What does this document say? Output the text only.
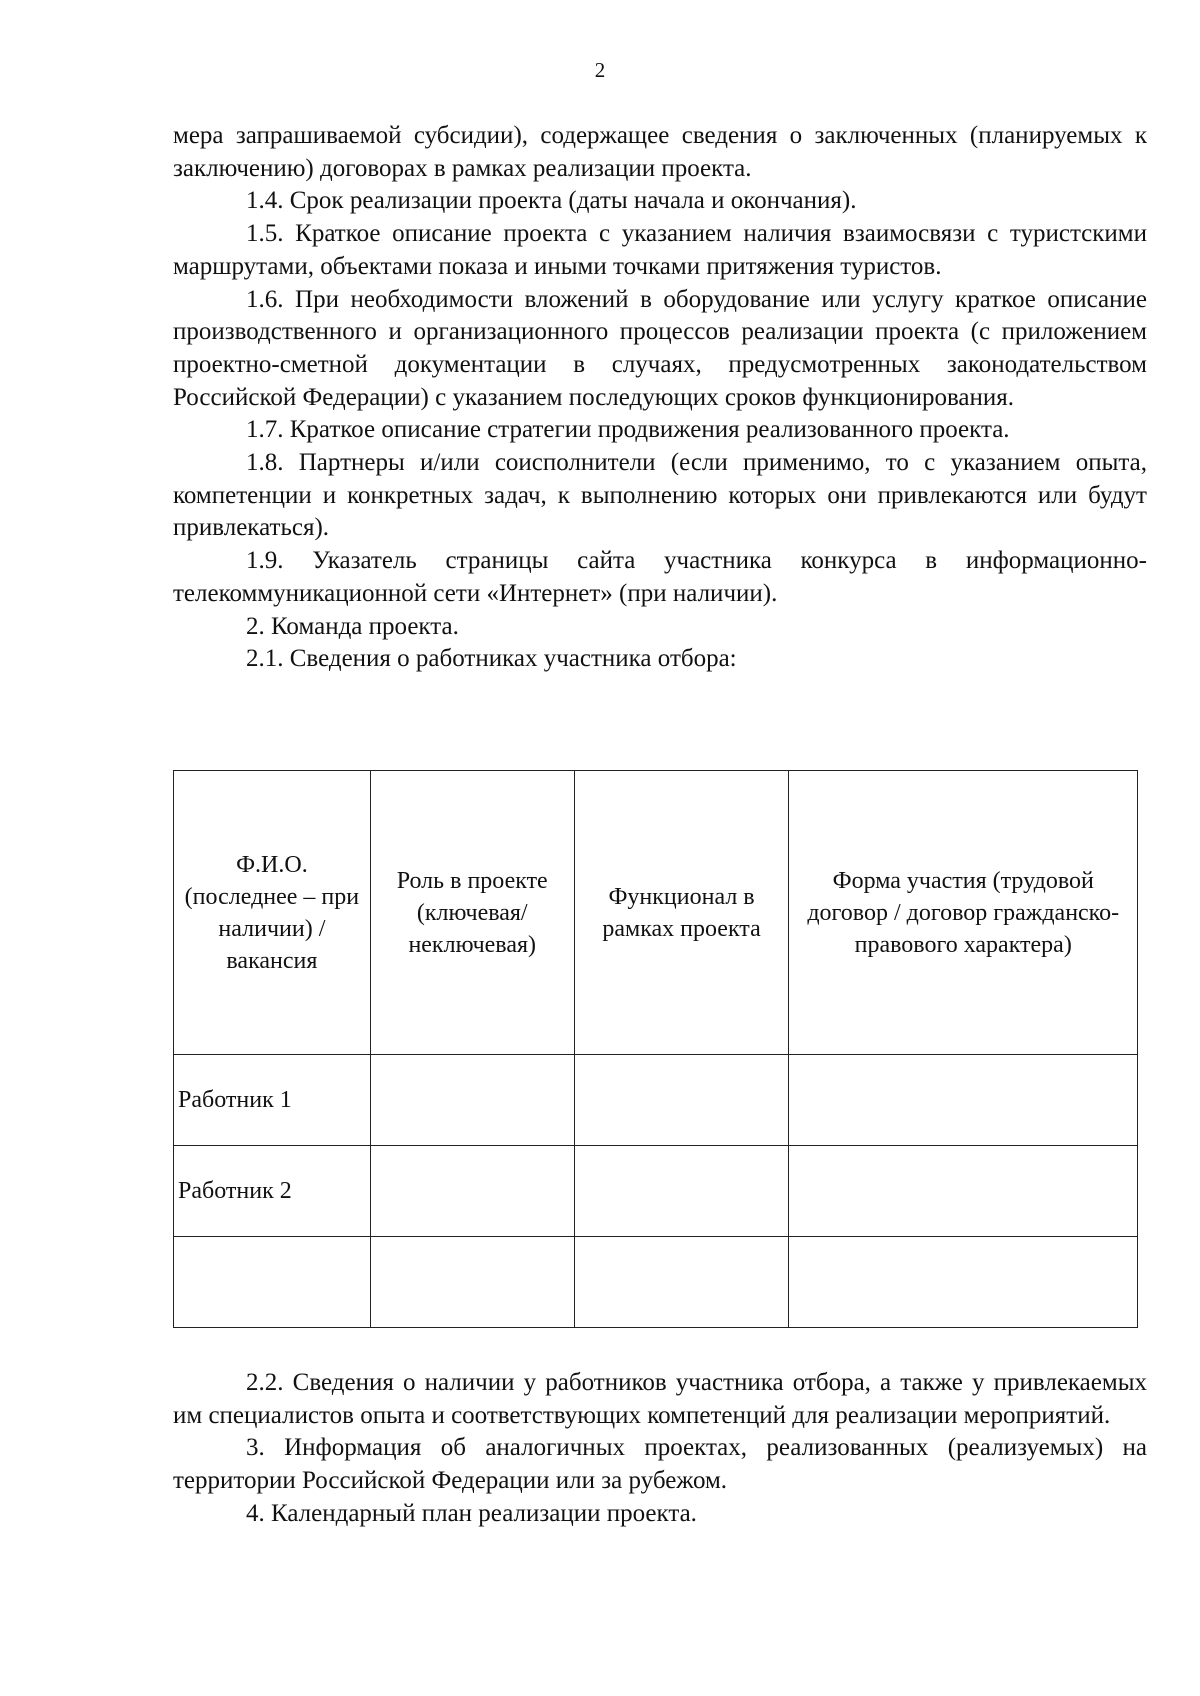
2

мера запрашиваемой субсидии), содержащее сведения о заключенных (планируемых к заключению) договорах в рамках реализации проекта.

1.4. Срок реализации проекта (даты начала и окончания).

1.5. Краткое описание проекта с указанием наличия взаимосвязи с туристскими маршрутами, объектами показа и иными точками притяжения туристов.

1.6. При необходимости вложений в оборудование или услугу краткое описание производственного и организационного процессов реализации проекта (с приложением проектно-сметной документации в случаях, предусмотренных законодательством Российской Федерации) с указанием последующих сроков функционирования.

1.7. Краткое описание стратегии продвижения реализованного проекта.

1.8. Партнеры и/или соисполнители (если применимо, то с указанием опыта, компетенции и конкретных задач, к выполнению которых они привлекаются или будут привлекаться).

1.9. Указатель страницы сайта участника конкурса в информационно-телекоммуникационной сети «Интернет» (при наличии).

2. Команда проекта.

2.1. Сведения о работниках участника отбора:

Ф.И.О. (последнее – при наличии) / вакансия	Роль в проекте (ключевая/ неключевая)	Функционал в рамках проекта	Форма участия (трудовой договор / договор гражданско-правового характера)
Работник 1			
Работник 2			

2.2. Сведения о наличии у работников участника отбора, а также у привлекаемых им специалистов опыта и соответствующих компетенций для реализации мероприятий.

3. Информация об аналогичных проектах, реализованных (реализуемых) на территории Российской Федерации или за рубежом.

4. Календарный план реализации проекта.
